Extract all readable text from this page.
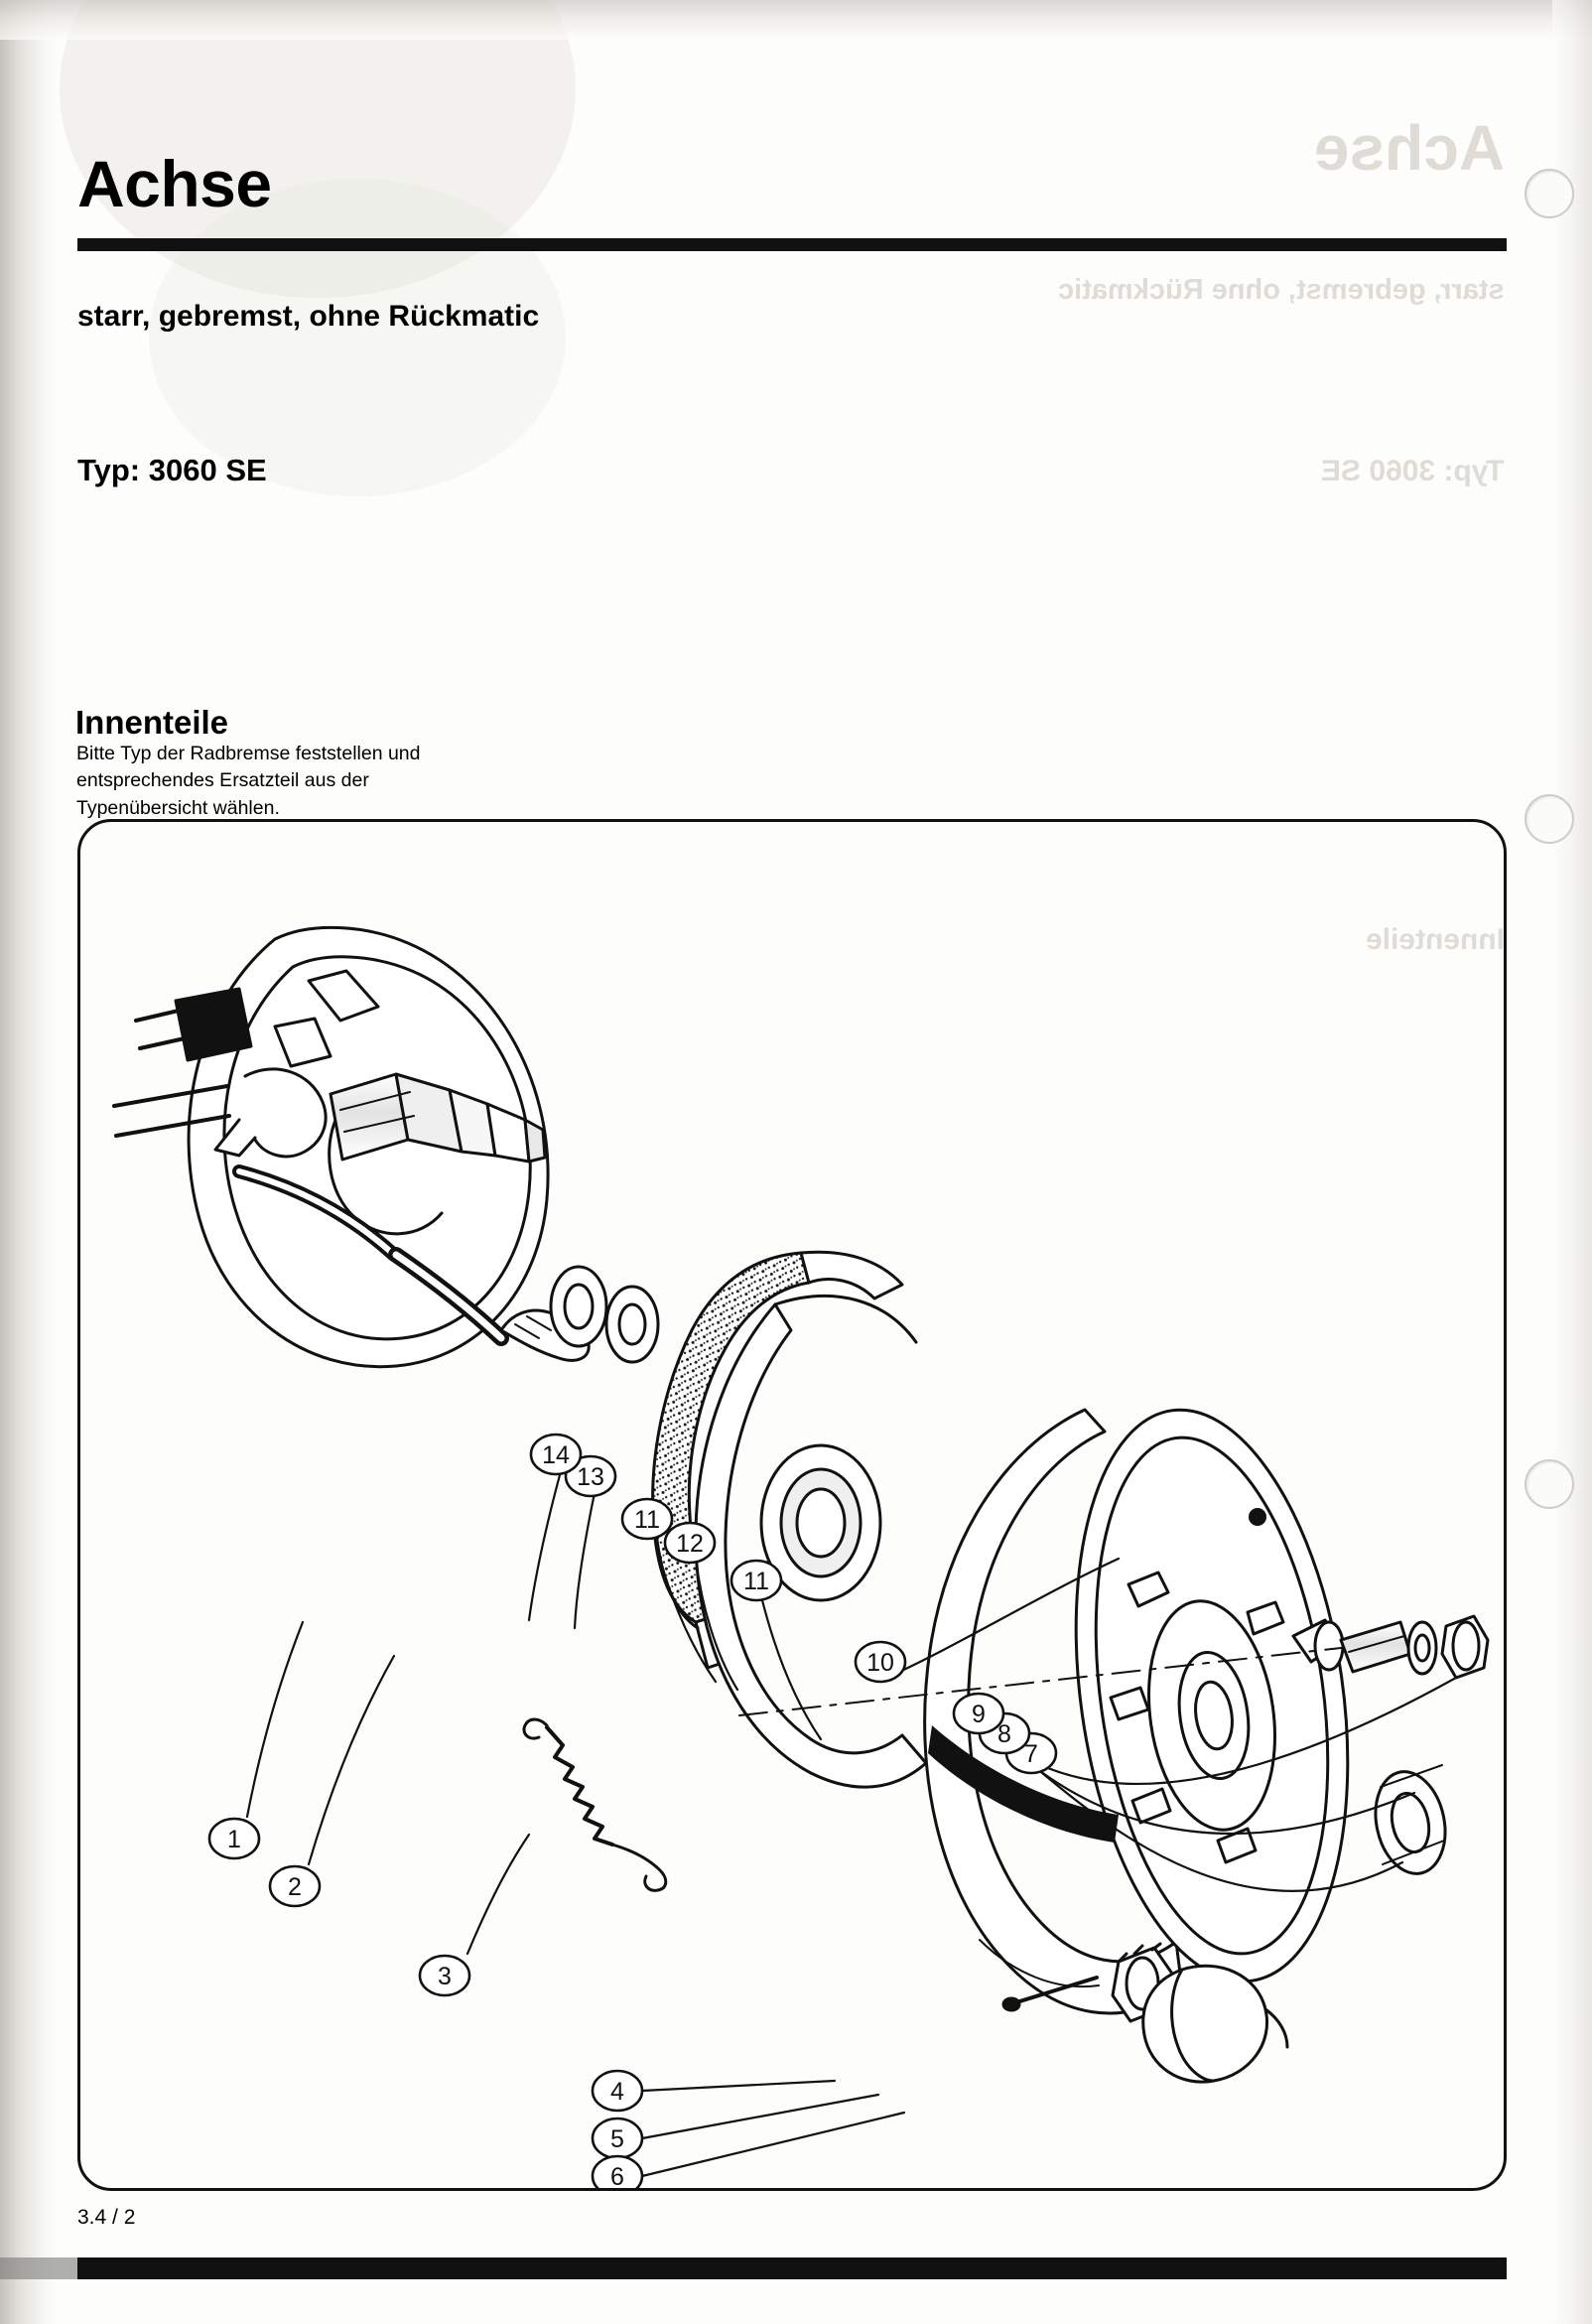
Achse
starr, gebremst, ohne Rückmatic
Typ: 3060 SE
Innenteile
Achse
starr, gebremst, ohne Rückmatic
Typ: 3060 SE
Innenteile

Bitte Typ der Radbremse feststellen und entsprechendes Ersatzteil aus der Typenübersicht wählen.

1
2
3
4
5
6
7
8
9
10
11
12
13
14
11
3.4 / 2
